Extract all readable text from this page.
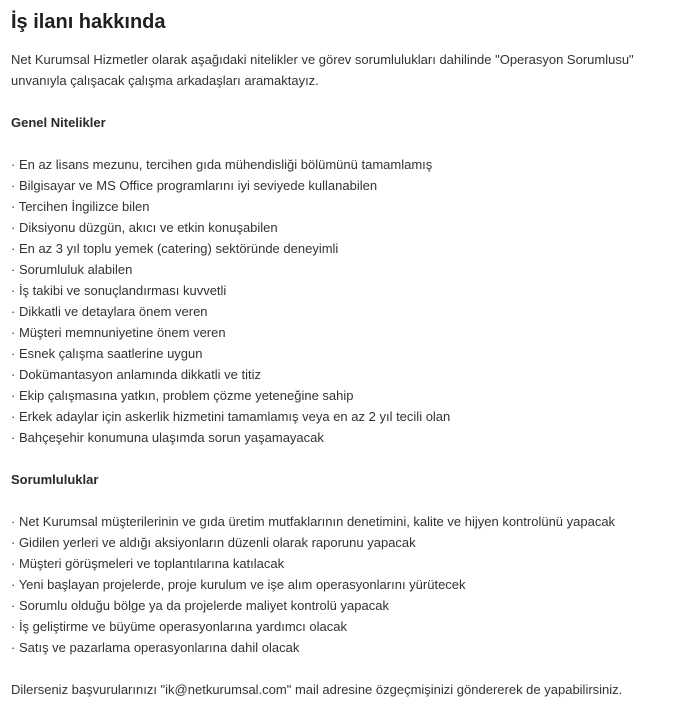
İş ilanı hakkında
Net Kurumsal Hizmetler olarak aşağıdaki nitelikler ve görev sorumlulukları dahilinde "Operasyon Sorumlusu" unvanıyla çalışacak çalışma arkadaşları aramaktayız.
Genel Nitelikler
· En az lisans mezunu, tercihen gıda mühendisliği bölümünü tamamlamış
· Bilgisayar ve MS Office programlarını iyi seviyede kullanabilen
· Tercihen İngilizce bilen
· Diksiyonu düzgün, akıcı ve etkin konuşabilen
· En az 3 yıl toplu yemek (catering) sektöründe deneyimli
· Sorumluluk alabilen
· İş takibi ve sonuçlandırması kuvvetli
· Dikkatli ve detaylara önem veren
· Müşteri memnuniyetine önem veren
· Esnek çalışma saatlerine uygun
· Dokümantasyon anlamında dikkatli ve titiz
· Ekip çalışmasına yatkın, problem çözme yeteneğine sahip
· Erkek adaylar için askerlik hizmetini tamamlamış veya en az 2 yıl tecili olan
· Bahçeşehir konumuna ulaşımda sorun yaşamayacak
Sorumluluklar
· Net Kurumsal müşterilerinin ve gıda üretim mutfaklarının denetimini, kalite ve hijyen kontrolünü yapacak
· Gidilen yerleri ve aldığı aksiyonların düzenli olarak raporunu yapacak
· Müşteri görüşmeleri ve toplantılarına katılacak
· Yeni başlayan projelerde, proje kurulum ve işe alım operasyonlarını yürütecek
· Sorumlu olduğu bölge ya da projelerde maliyet kontrolü yapacak
· İş geliştirme ve büyüme operasyonlarına yardımcı olacak
· Satış ve pazarlama operasyonlarına dahil olacak
Dilerseniz başvurularınızı "ik@netkurumsal.com" mail adresine özgeçmişinizi göndererek de yapabilirsiniz.
